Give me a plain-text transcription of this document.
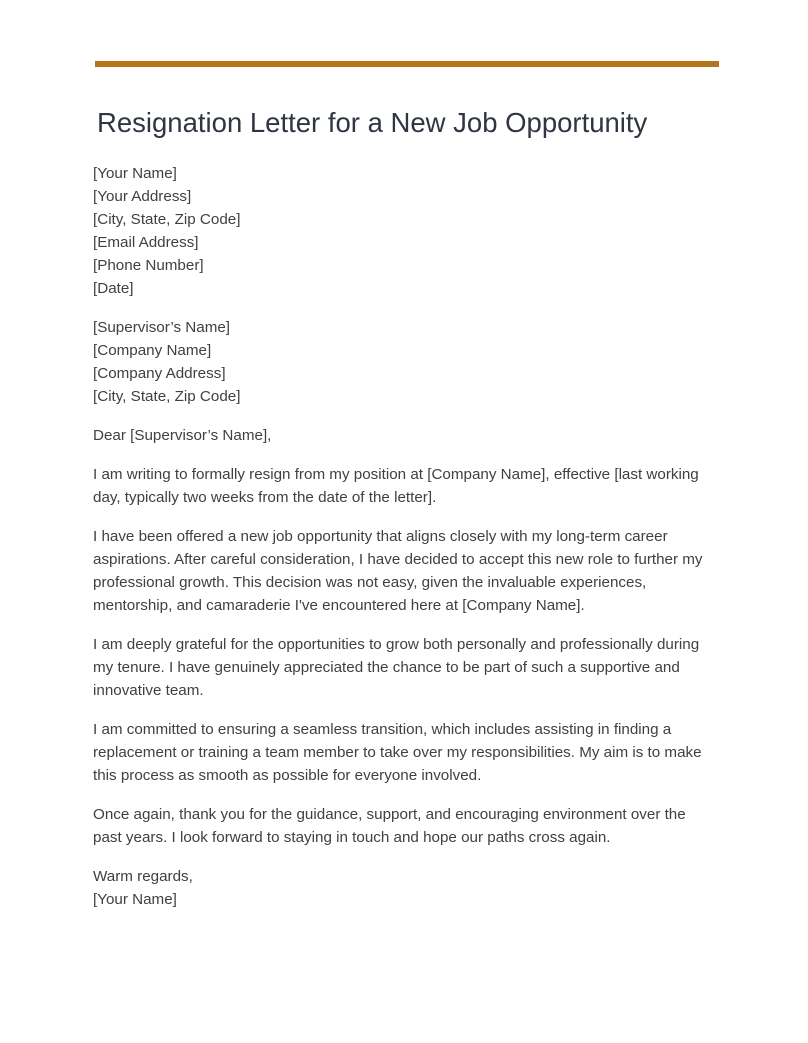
Resignation Letter for a New Job Opportunity
[Your Name]
[Your Address]
[City, State, Zip Code]
[Email Address]
[Phone Number]
[Date]
[Supervisor’s Name]
[Company Name]
[Company Address]
[City, State, Zip Code]

Dear [Supervisor’s Name],

I am writing to formally resign from my position at [Company Name], effective [last working day, typically two weeks from the date of the letter].

I have been offered a new job opportunity that aligns closely with my long-term career aspirations. After careful consideration, I have decided to accept this new role to further my professional growth. This decision was not easy, given the invaluable experiences, mentorship, and camaraderie I've encountered here at [Company Name].

I am deeply grateful for the opportunities to grow both personally and professionally during my tenure. I have genuinely appreciated the chance to be part of such a supportive and innovative team.

I am committed to ensuring a seamless transition, which includes assisting in finding a replacement or training a team member to take over my responsibilities. My aim is to make this process as smooth as possible for everyone involved.

Once again, thank you for the guidance, support, and encouraging environment over the past years. I look forward to staying in touch and hope our paths cross again.

Warm regards,
[Your Name]
